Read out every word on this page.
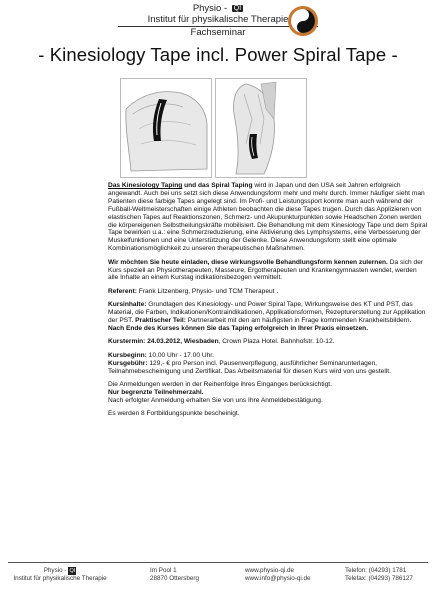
Physio - QI
Institut für physikalische Therapie
Fachseminar
- Kinesiology Tape incl. Power Spiral Tape -

Das Kinesiology Taping und das Spiral Taping wird in Japan und den USA seit Jahren erfolgreich angewandt. Auch bei uns setzt sich diese Anwendungsform mehr und mehr durch. Immer häufiger sieht man Patienten diese farbige Tapes angelegt sind. Im Profi- und Leistungssport konnte man auch während der Fußball-Weltmeisterschaften einige Athleten beobachten die diese Tapes trugen. Durch das Applizieren von elastischen Tapes auf Reaktionszonen, Schmerz- und Akupunkturpunkten sowie Headschen Zonen werden die körpereigenen Selbstheilungskräfte mobilisiert. Die Behandlung mit dem Kinesiology Tape und dem Spiral Tape bewirken u.a.: eine Schmerzreduzierung, eine Aktivierung des Lymphsystems, eine Verbesserung der Muskelfunktionen und eine Unterstützung der Gelenke. Diese Anwendungsform stellt eine optimale Kombinationsmöglichkeit zu unseren therapeutischen Maßnahmen.

Wir möchten Sie heute einladen, diese wirkungsvolle Behandlungsform kennen zulernen. Da sich der Kurs speziell an Physiotherapeuten, Masseure, Ergotherapeuten und Krankengymnasten wendet, werden alle Inhalte an einem Kurstag indikationsbezogen vermittelt.

Referent: Frank Litzenberg, Physio- und TCM Therapeut .

Kursinhalte: Grundlagen des Kinesiology- und Power Spiral Tape, Wirkungsweise des KT und PST, das Material, die Farben, Indikationen/Kontraindikationen, Applikationsformen, Rezepturerstellung zur Applikation der PST. Praktischer Teil: Partnerarbeit mit den am häufigsten in Frage kommenden Krankheitsbildern. Nach Ende des Kurses können Sie das Taping erfolgreich in Ihrer Praxis einsetzen.

Kurstermin: 24.03.2012, Wiesbaden, Crown Plaza Hotel. Bahnhofstr. 10-12.

Kursbeginn: 10.00 Uhr - 17.00 Uhr.
Kursgebühr: 129,- € pro Person incl. Pausenverpflegung, ausführlicher Seminarunterlagen, Teilnahmebescheinigung und Zertifikat. Das Arbeitsmaterial für diesen Kurs wird von uns gestellt.

Die Anmeldungen werden in der Reihenfolge ihres Einganges berücksichtigt.
Nur begrenzte Teilnehmerzahl.
Nach erfolgter Anmeldung erhalten Sie von uns Ihre Anmeldebestätigung.

Es werden 8 Fortbildungspunkte bescheinigt.

Physio - QI
Institut für physikalische Therapie
Im Pool 1
28870 Ottersberg
www.physio-qi.de
www.info@physio-qi.de
Telefon: (04293) 1781
Telefax: (04293) 786127
